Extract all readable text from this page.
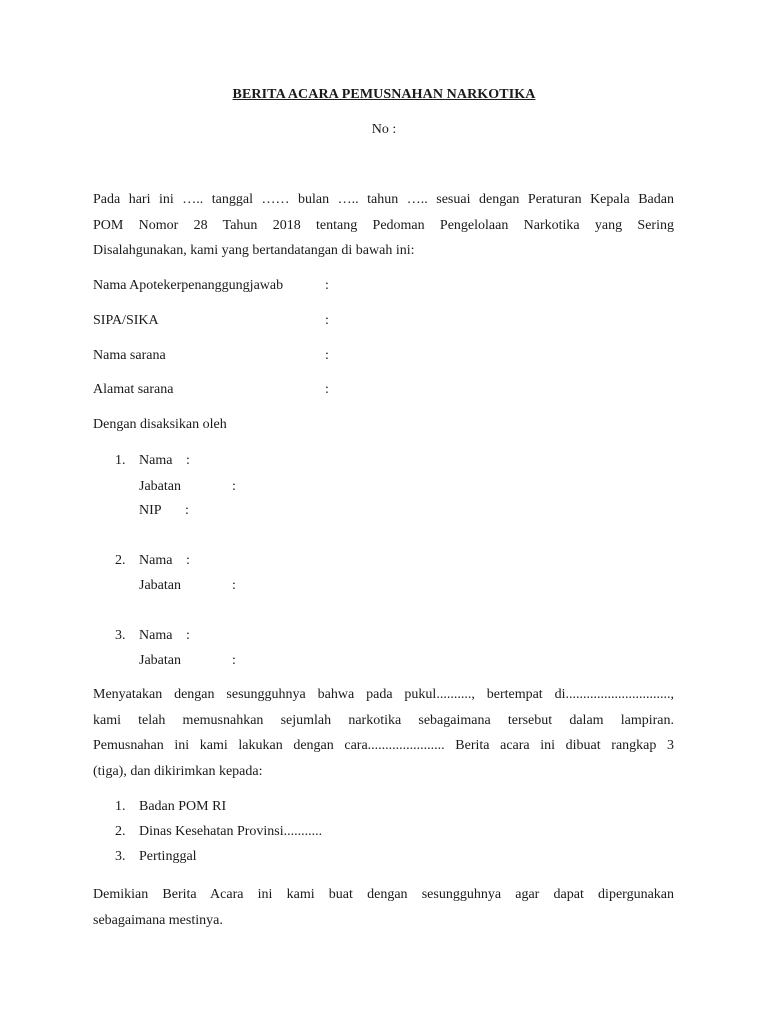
BERITA ACARA PEMUSNAHAN NARKOTIKA
No :
Pada hari ini ….. tanggal …… bulan ….. tahun ….. sesuai dengan Peraturan Kepala Badan
POM Nomor 28 Tahun 2018 tentang Pedoman Pengelolaan Narkotika yang Sering
Disalahgunakan, kami yang bertandatangan di bawah ini:
Nama Apotekerpenanggungjawab	:
SIPA/SIKA	:
Nama sarana	:
Alamat sarana	:
Dengan disaksikan oleh
1. Nama :
Jabatan	:
NIP :
2. Nama :
Jabatan	:
3. Nama :
Jabatan	:
Menyatakan dengan sesungguhnya bahwa pada pukul.........., bertempat di..............................,
kami telah memusnahkan sejumlah narkotika sebagaimana tersebut dalam lampiran.
Pemusnahan ini kami lakukan dengan cara...................... Berita acara ini dibuat rangkap 3
(tiga), dan dikirimkan kepada:
1. Badan POM RI
2. Dinas Kesehatan Provinsi...........
3. Pertinggal
Demikian Berita Acara ini kami buat dengan sesungguhnya agar dapat dipergunakan
sebagaimana mestinya.
